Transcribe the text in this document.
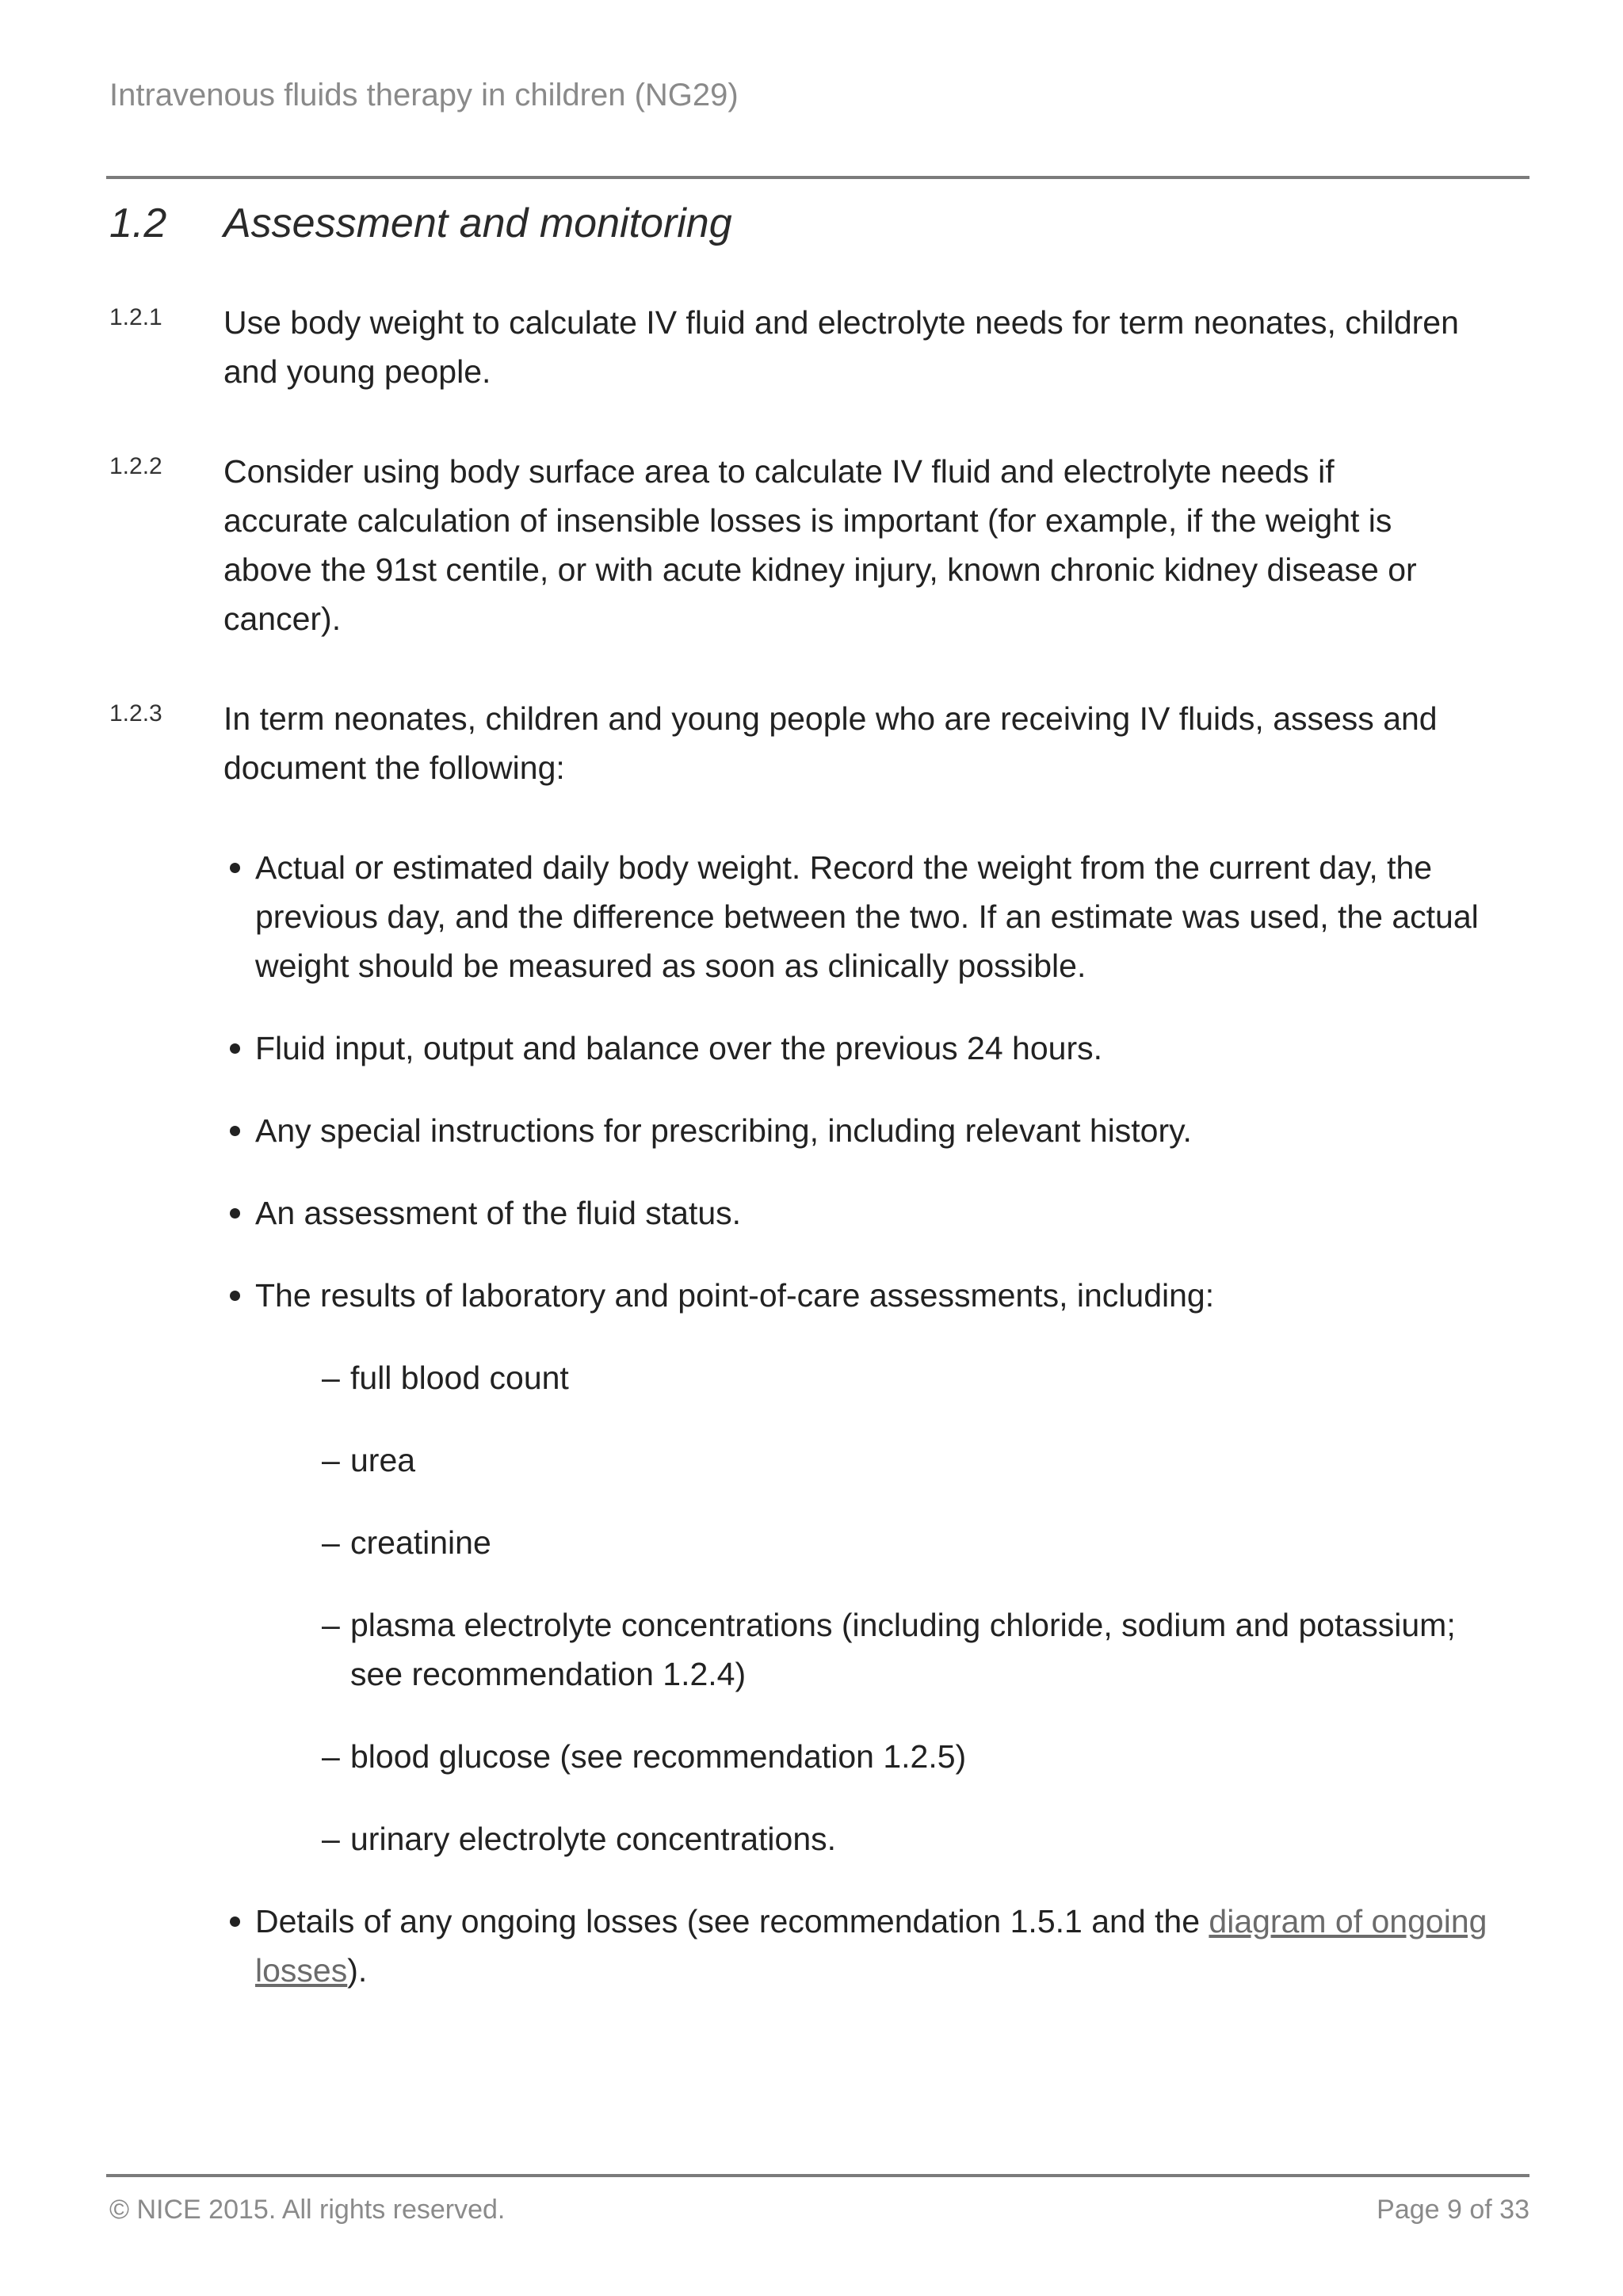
Intravenous fluids therapy in children (NG29)
1.2 Assessment and monitoring
1.2.1 Use body weight to calculate IV fluid and electrolyte needs for term neonates, children and young people.
1.2.2 Consider using body surface area to calculate IV fluid and electrolyte needs if accurate calculation of insensible losses is important (for example, if the weight is above the 91st centile, or with acute kidney injury, known chronic kidney disease or cancer).
1.2.3 In term neonates, children and young people who are receiving IV fluids, assess and document the following:
Actual or estimated daily body weight. Record the weight from the current day, the previous day, and the difference between the two. If an estimate was used, the actual weight should be measured as soon as clinically possible.
Fluid input, output and balance over the previous 24 hours.
Any special instructions for prescribing, including relevant history.
An assessment of the fluid status.
The results of laboratory and point-of-care assessments, including:
– full blood count
– urea
– creatinine
– plasma electrolyte concentrations (including chloride, sodium and potassium; see recommendation 1.2.4)
– blood glucose (see recommendation 1.2.5)
– urinary electrolyte concentrations.
Details of any ongoing losses (see recommendation 1.5.1 and the diagram of ongoing losses).
© NICE 2015. All rights reserved.	Page 9 of 33
